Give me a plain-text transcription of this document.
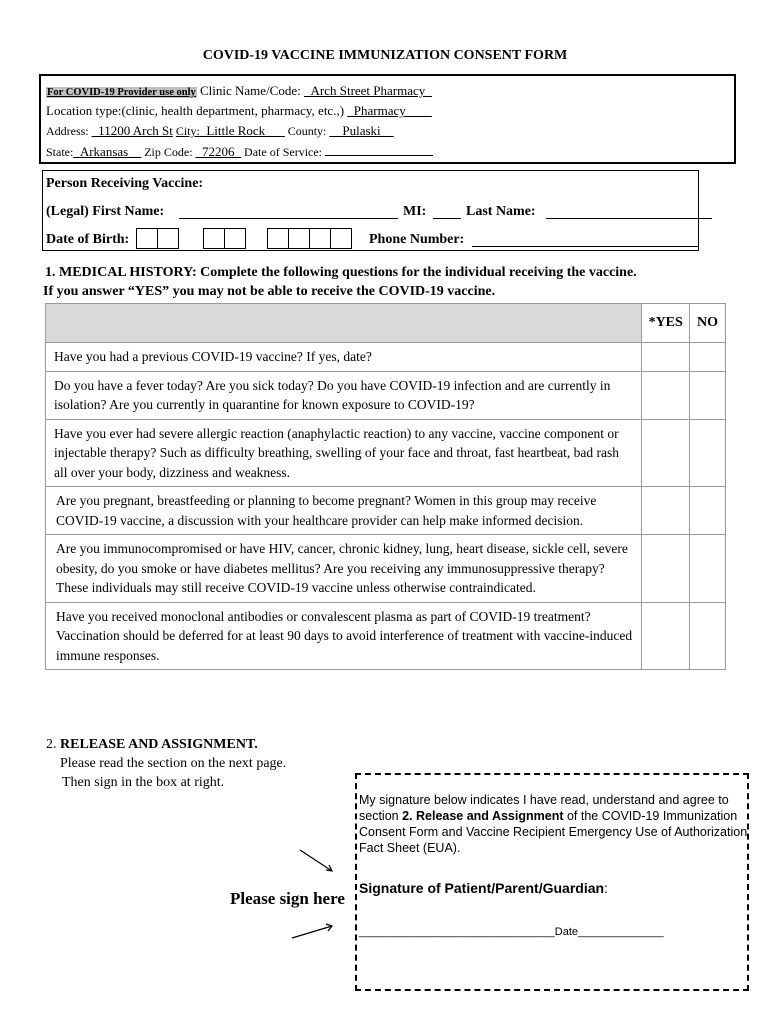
COVID-19 VACCINE IMMUNIZATION CONSENT FORM
For COVID-19 Provider use only Clinic Name/Code: _Arch Street Pharmacy_
Location type:(clinic, health department, pharmacy, etc.,) _Pharmacy____
Address: _11200 Arch St City:_Little Rock___ County: __Pulaski__
State:_Arkansas__ Zip Code: _72206_ Date of Service:
Person Receiving Vaccine:
(Legal) First Name:	MI:	Last Name:
Date of Birth:	Phone Number:
1. MEDICAL HISTORY: Complete the following questions for the individual receiving the vaccine.
If you answer “YES” you may not be able to receive the COVID-19 vaccine.
*YES	NO
Have you had a previous COVID-19 vaccine? If yes, date?
Do you have a fever today? Are you sick today? Do you have COVID-19 infection and are currently in isolation? Are you currently in quarantine for known exposure to COVID-19?
Have you ever had severe allergic reaction (anaphylactic reaction) to any vaccine, vaccine component or injectable therapy? Such as difficulty breathing, swelling of your face and throat, fast heartbeat, bad rash all over your body, dizziness and weakness.
Are you pregnant, breastfeeding or planning to become pregnant? Women in this group may receive COVID-19 vaccine, a discussion with your healthcare provider can help make informed decision.
Are you immunocompromised or have HIV, cancer, chronic kidney, lung, heart disease, sickle cell, severe obesity, do you smoke or have diabetes mellitus? Are you receiving any immunosuppressive therapy? These individuals may still receive COVID-19 vaccine unless otherwise contraindicated.
Have you received monoclonal antibodies or convalescent plasma as part of COVID-19 treatment? Vaccination should be deferred for at least 90 days to avoid interference of treatment with vaccine-induced immune responses.
2. RELEASE AND ASSIGNMENT.
Please read the section on the next page.
Then sign in the box at right.
Please sign here
My signature below indicates I have read, understand and agree to section 2. Release and Assignment of the COVID-19 Immunization Consent Form and Vaccine Recipient Emergency Use of Authorization Fact Sheet (EUA).
Signature of Patient/Parent/Guardian:
________________________________Date______________
